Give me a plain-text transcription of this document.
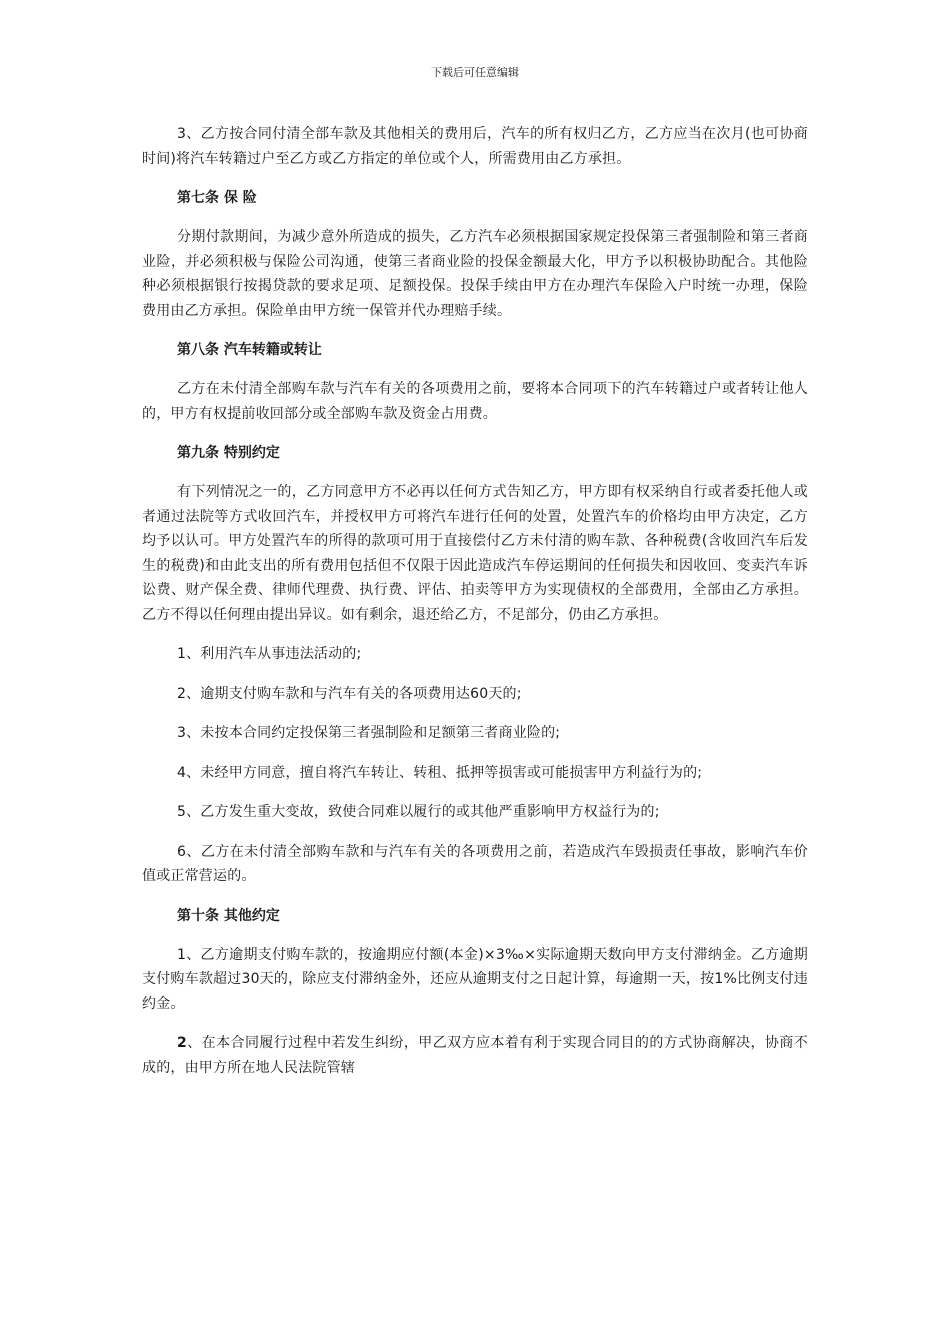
下载后可任意编辑

3、乙方按合同付清全部车款及其他相关的费用后，汽车的所有权归乙方，乙方应当在次月(也可协商时间)将汽车转籍过户至乙方或乙方指定的单位或个人，所需费用由乙方承担。

第七条 保 险

分期付款期间，为减少意外所造成的损失，乙方汽车必须根据国家规定投保第三者强制险和第三者商业险，并必须积极与保险公司沟通，使第三者商业险的投保金额最大化，甲方予以积极协助配合。其他险种必须根据银行按揭贷款的要求足项、足额投保。投保手续由甲方在办理汽车保险入户时统一办理，保险费用由乙方承担。保险单由甲方统一保管并代办理赔手续。

第八条 汽车转籍或转让

乙方在未付清全部购车款与汽车有关的各项费用之前，要将本合同项下的汽车转籍过户或者转让他人的，甲方有权提前收回部分或全部购车款及资金占用费。

第九条 特别约定

有下列情况之一的，乙方同意甲方不必再以任何方式告知乙方，甲方即有权采纳自行或者委托他人或者通过法院等方式收回汽车，并授权甲方可将汽车进行任何的处置，处置汽车的价格均由甲方决定，乙方均予以认可。甲方处置汽车的所得的款项可用于直接偿付乙方未付清的购车款、各种税费(含收回汽车后发生的税费)和由此支出的所有费用包括但不仅限于因此造成汽车停运期间的任何损失和因收回、变卖汽车诉讼费、财产保全费、律师代理费、执行费、评估、拍卖等甲方为实现债权的全部费用，全部由乙方承担。乙方不得以任何理由提出异议。如有剩余，退还给乙方，不足部分，仍由乙方承担。

1、利用汽车从事违法活动的;

2、逾期支付购车款和与汽车有关的各项费用达60天的;

3、未按本合同约定投保第三者强制险和足额第三者商业险的;

4、未经甲方同意，擅自将汽车转让、转租、抵押等损害或可能损害甲方利益行为的;

5、乙方发生重大变故，致使合同难以履行的或其他严重影响甲方权益行为的;

6、乙方在未付清全部购车款和与汽车有关的各项费用之前，若造成汽车毁损责任事故，影响汽车价值或正常营运的。

第十条 其他约定

1、乙方逾期支付购车款的，按逾期应付额(本金)×3‰×实际逾期天数向甲方支付滞纳金。乙方逾期支付购车款超过30天的，除应支付滞纳金外，还应从逾期支付之日起计算，每逾期一天，按1%比例支付违约金。

2、在本合同履行过程中若发生纠纷，甲乙双方应本着有利于实现合同目的的方式协商解决，协商不成的，由甲方所在地人民法院管辖
